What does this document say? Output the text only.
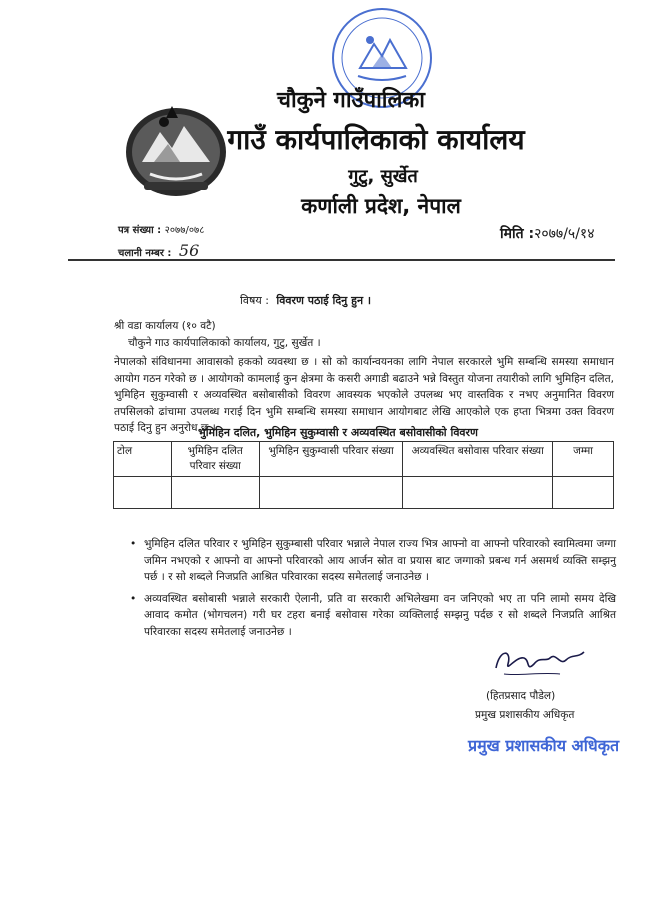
चौकुने गाउँपालिका
गाउँ कार्यपालिकाको कार्यालय
गुटु, सुर्खेत
कर्णाली प्रदेश, नेपाल
पत्र संख्या : २०७७/०७८
चलानी नम्बर : 56
मिति :२०७७/५/१४
विषय : विवरण पठाई दिनु हुन ।
श्री वडा कार्यालय (१० वटै)
चौकुने गाउ कार्यपालिकाको कार्यालय, गुटु, सुर्खेत ।
नेपालको संविधानमा आवासको हकको व्यवस्था छ । सो को कार्यान्वयनका लागि नेपाल सरकारले भुमि सम्बन्धि समस्या समाधान आयोग गठन गरेको छ । आयोगको कामलाई कुन क्षेत्रमा के कसरी अगाडी बढाउने भन्ने विस्तुत योजना तयारीको लागि भुमिहिन दलित, भुमिहिन सुकुम्वासी र अव्यवस्थित बसोबासीको विवरण आवस्यक भएकोले उपलब्ध भए वास्तविक र नभए अनुमानित विवरण तपसिलको ढांचामा उपलब्ध गराई दिन भुमि सम्बन्धि समस्या समाधान आयोगबाट लेखि आएकोले एक हप्ता भित्रमा उक्त विवरण पठाई दिनु हुन अनुरोध छ ।
भुमिहिन दलित, भुमिहिन सुकुम्वासी र अव्यवस्थित बसोवासीको विवरण
टोल	भुमिहिन दलित परिवार संख्या	भुमिहिन सुकुम्वासी परिवार संख्या	अव्यवस्थित बसोवास परिवार संख्या	जम्मा

• भुमिहिन दलित परिवार र भुमिहिन सुकुम्बासी परिवार भन्नाले नेपाल राज्य भित्र आफ्नो वा आफ्नो परिवारको स्वामित्वमा जग्गा जमिन नभएको र आफ्नो वा आफ्नो परिवारको आय आर्जन स्रोत वा प्रयास बाट जग्गाको प्रबन्ध गर्न असमर्थ व्यक्ति सम्झनु पर्छ । र सो शब्दले निजप्रति आश्रित परिवारका सदस्य समेतलाई जनाउनेछ ।
• अव्यवस्थित बसोबासी भन्नाले सरकारी ऐलानी, प्रति वा सरकारी अभिलेखमा वन जनिएको भए ता पनि लामो समय देखि आवाद कमोत (भोगचलन) गरी घर टहरा बनाई बसोवास गरेका व्यक्तिलाई सम्झनु पर्दछ र सो शब्दले निजप्रति आश्रित परिवारका सदस्य समेतलाई जनाउनेछ ।
(हितप्रसाद पौडेल)
प्रमुख प्रशासकीय अधिकृत
प्रमुख प्रशासकीय अधिकृत
